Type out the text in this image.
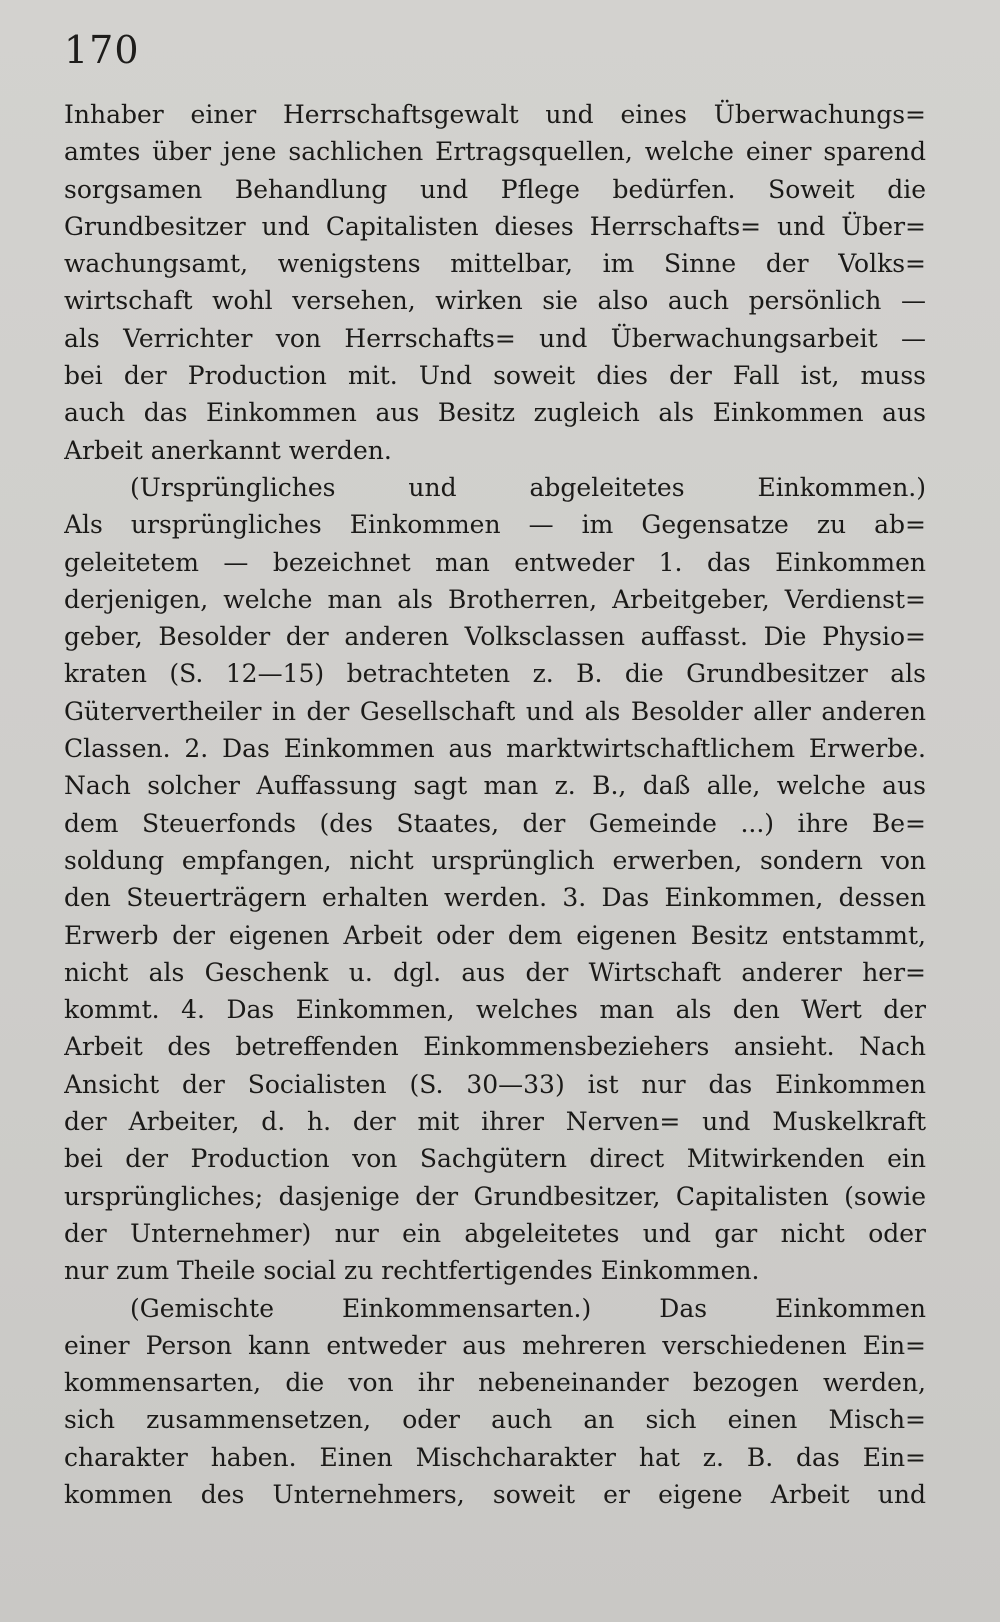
170
Inhaber einer Herrschaftsgewalt und eines Überwachungs=
amtes über jene sachlichen Ertragsquellen, welche einer sparend
sorgsamen Behandlung und Pflege bedürfen. Soweit die
Grundbesitzer und Capitalisten dieses Herrschafts= und Über=
wachungsamt, wenigstens mittelbar, im Sinne der Volks=
wirtschaft wohl versehen, wirken sie also auch persönlich —
als Verrichter von Herrschafts= und Überwachungsarbeit —
bei der Production mit. Und soweit dies der Fall ist, muss
auch das Einkommen aus Besitz zugleich als Einkommen aus
Arbeit anerkannt werden.
(Ursprüngliches und abgeleitetes Einkommen.)
Als ursprüngliches Einkommen — im Gegensatze zu ab=
geleitetem — bezeichnet man entweder 1. das Einkommen
derjenigen, welche man als Brotherren, Arbeitgeber, Verdienst=
geber, Besolder der anderen Volksclassen auffasst. Die Physio=
kraten (S. 12—15) betrachteten z. B. die Grundbesitzer als
Gütervertheiler in der Gesellschaft und als Besolder aller anderen
Classen. 2. Das Einkommen aus marktwirtschaftlichem Erwerbe.
Nach solcher Auffassung sagt man z. B., daß alle, welche aus
dem Steuerfonds (des Staates, der Gemeinde ...) ihre Be=
soldung empfangen, nicht ursprünglich erwerben, sondern von
den Steuerträgern erhalten werden. 3. Das Einkommen, dessen
Erwerb der eigenen Arbeit oder dem eigenen Besitz entstammt,
nicht als Geschenk u. dgl. aus der Wirtschaft anderer her=
kommt. 4. Das Einkommen, welches man als den Wert der
Arbeit des betreffenden Einkommensbeziehers ansieht. Nach
Ansicht der Socialisten (S. 30—33) ist nur das Einkommen
der Arbeiter, d. h. der mit ihrer Nerven= und Muskelkraft
bei der Production von Sachgütern direct Mitwirkenden ein
ursprüngliches; dasjenige der Grundbesitzer, Capitalisten (sowie
der Unternehmer) nur ein abgeleitetes und gar nicht oder
nur zum Theile social zu rechtfertigendes Einkommen.
(Gemischte Einkommensarten.) Das Einkommen
einer Person kann entweder aus mehreren verschiedenen Ein=
kommensarten, die von ihr nebeneinander bezogen werden,
sich zusammensetzen, oder auch an sich einen Misch=
charakter haben. Einen Mischcharakter hat z. B. das Ein=
kommen des Unternehmers, soweit er eigene Arbeit und
